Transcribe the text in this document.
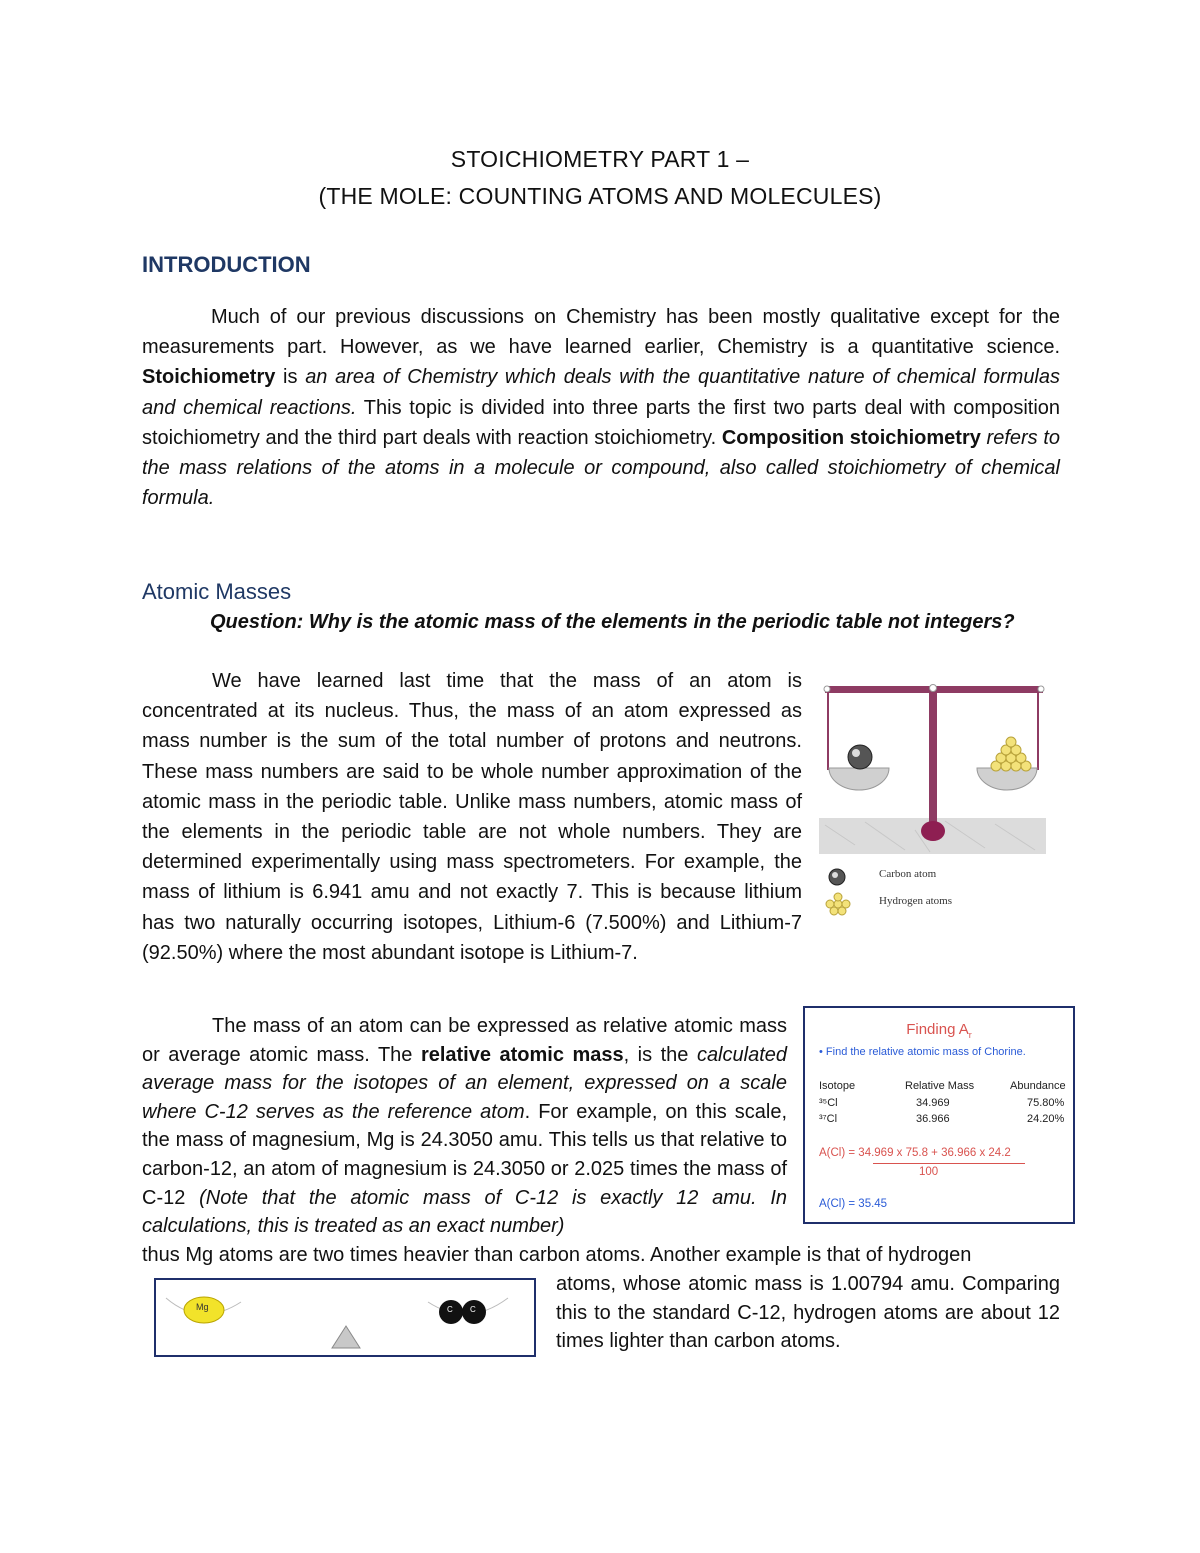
STOICHIOMETRY PART 1 –
(THE MOLE: COUNTING ATOMS AND MOLECULES)
INTRODUCTION

Much of our previous discussions on Chemistry has been mostly qualitative except for the measurements part. However, as we have learned earlier, Chemistry is a quantitative science. Stoichiometry is an area of Chemistry which deals with the quantitative nature of chemical formulas and chemical reactions. This topic is divided into three parts the first two parts deal with composition stoichiometry and the third part deals with reaction stoichiometry. Composition stoichiometry refers to the mass relations of the atoms in a molecule or compound, also called stoichiometry of chemical formula.

Atomic Masses
Question: Why is the atomic mass of the elements in the periodic table not integers?

We have learned last time that the mass of an atom is concentrated at its nucleus. Thus, the mass of an atom expressed as mass number is the sum of the total number of protons and neutrons. These mass numbers are said to be whole number approximation of the atomic mass in the periodic table. Unlike mass numbers, atomic mass of the elements in the periodic table are not whole numbers. They are determined experimentally using mass spectrometers. For example, the mass of lithium is 6.941 amu and not exactly 7. This is because lithium has two naturally occurring isotopes, Lithium-6 (7.500%) and Lithium-7 (92.50%) where the most abundant isotope is Lithium-7.

Carbon atom
Hydrogen atoms

The mass of an atom can be expressed as relative atomic mass or average atomic mass. The relative atomic mass, is the calculated average mass for the isotopes of an element, expressed on a scale where C-12 serves as the reference atom. For example, on this scale, the mass of magnesium, Mg is 24.3050 amu. This tells us that relative to carbon-12, an atom of magnesium is 24.3050 or 2.025 times the mass of C-12 (Note that the atomic mass of C-12 is exactly 12 amu. In calculations, this is treated as an exact number)

Finding $A_r$
• Find the relative atomic mass of Chorine.
Isotope	Relative Mass	Abundance
³⁵Cl	34.969	75.80%
³⁷Cl	36.966	24.20%
A(Cl) = 34.969 x 75.8 + 36.966 x 24.2
100
A(Cl) = 35.45
thus Mg atoms are two times heavier than carbon atoms. Another example is that of hydrogen
Mg	C C

atoms, whose atomic mass is 1.00794 amu. Comparing this to the standard C-12, hydrogen atoms are about 12 times lighter than carbon atoms.
